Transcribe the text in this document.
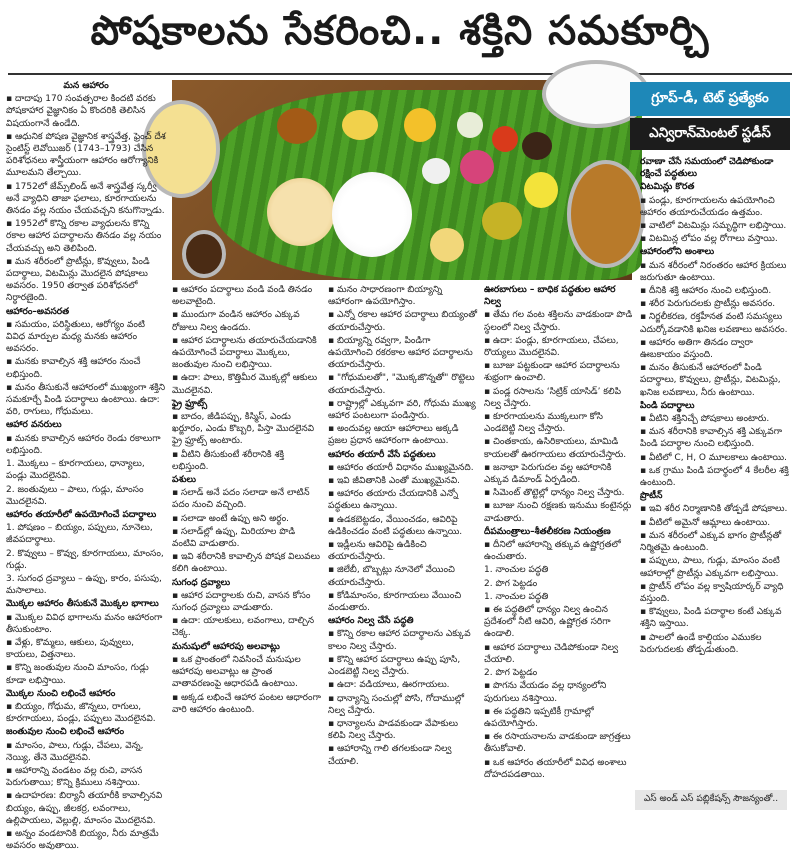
పోషకాలను సేకరించి.. శక్తిని సమకూర్చి
గ్రూప్‌-డీ, టెట్‌ ప్రత్యేకం
ఎన్విరాన్‌మెంటల్‌ స్టడీస్‌

మన ఆహారం

▪ దాదాపు 170 సంవత్సరాల కిందటి వరకు పోషకాహార వైజ్ఞానికం ఏ కొందరికి తెలిసిన విషయంగానే ఉండేది.

▪ ఆధునిక పోషణ వైజ్ఞానిక శాస్త్రవేత్త, ఫ్రెంచ్‌ దేశ సైంటిస్ట్‌ లెవోయిజర్‌ (1743–1793) చేసిన పరిశోధనలు శాస్త్రీయంగా ఆహారం ఆరోగ్యానికి మూలమని తేల్చాయి.

▪ 1752లో జేమ్స్‌లిండ్‌ అనే శాస్త్రవేత్త స్కర్వీ అనే వ్యాధిని తాజా ఫలాలు, కూరగాయలను తినడం వల్ల నయం చేయవచ్చని కనుగొన్నాడు.

▪ 1952లో కొన్ని రకాల వ్యాధులను కొన్ని రకాల ఆహార పదార్థాలను తినడం వల్ల నయం చేయవచ్చు అని తెలిపింది.

▪ మన శరీరంలో ప్రొటీన్లు, కొవ్వులు, పిండి పదార్థాలు, విటమిన్లు మొదలైన పోషకాలు అవసరం. 1950 తర్వాత పరిశోధనలో నిర్ధారణైంది.

ఆహారం–అవసరత

▪ సమయం, పరిస్థితులు, ఆరోగ్యం వంటి వివిధ మార్పుల మధ్య మనకు ఆహారం అవసరం.

▪ మనకు కావాల్సిన శక్తి ఆహారం నుంచే లభిస్తుంది.

▪ మనం తీసుకునే ఆహారంలో ముఖ్యంగా శక్తిని సమకూర్చే పిండి పదార్థాలు ఉంటాయి. ఉదా: వరి, రాగులు, గోధుమలు.

ఆహార వనరులు

▪ మనకు కావాల్సిన ఆహారం రెండు రకాలుగా లభిస్తుంది.

1. మొక్కలు – కూరగాయలు, ధాన్యాలు, పండ్లు మొదలైనవి.

2. జంతువులు – పాలు, గుడ్లు, మాంసం మొదలైనవి.

ఆహారం తయారీలో ఉపయోగించే పదార్థాలు

1. పోషణం – బియ్యం, పప్పులు, నూనెలు, జీవపదార్థాలు.

2. కొవ్వులు – కొవ్వు, కూరగాయలు, మాంసం, గుడ్లు.

3. సుగంధ ద్రవ్యాలు – ఉప్పు, కారం, పసుపు, మసాలాలు.

మొక్కల ఆహారం తీసుకునే మొక్కల భాగాలు

▪ మొక్కల వివిధ భాగాలను మనం ఆహారంగా తీసుకుంటాం.

▪ వేళ్లు, కొమ్మలు, ఆకులు, పువ్వులు, కాయలు, విత్తనాలు.

▪ కొన్ని జంతువుల నుంచి మాంసం, గుడ్లు కూడా లభిస్తాయి.

మొక్కల నుంచి లభించే ఆహారం

▪ బియ్యం, గోధుమ, జొన్నలు, రాగులు, కూరగాయలు, పండ్లు, పప్పులు మొదలైనవి.

జంతువుల నుంచి లభించే ఆహారం

▪ మాంసం, పాలు, గుడ్లు, చేపలు, వెన్న, నెయ్యి, తేనె మొదలైనవి.

▪ ఆహారాన్ని వండటం వల్ల రుచి, వాసన పెరుగుతాయి; కొన్ని క్రిములు నశిస్తాయి.

▪ ఉదాహరణ: బిర్యానీ తయారీకి కావాల్సినవి బియ్యం, ఉప్పు, జీలకర్ర, లవంగాలు, ఉల్లిపాయలు, వెల్లుల్లి, మాంసం మొదలైనవి.

▪ అన్నం వండటానికి బియ్యం, నీరు మాత్రమే అవసరం అవుతాయి.

▪ ఆహారం పదార్థాలు వండి వండి తినడం అలవాటైంది.

▪ ముందుగా వండిన ఆహారం ఎక్కువ రోజులు నిల్వ ఉండదు.

▪ ఆహార పదార్థాలను తయారుచేయడానికి ఉపయోగించే పదార్థాలు మొక్కలు, జంతువుల నుంచి లభిస్తాయి.

▪ ఉదా: పాలు, కొత్తిమీర మొక్కల్లో ఆకులు మొదలైనవి.

ఫ్రై ఫ్రూట్స్‌

▪ బాదం, జీడిపప్పు, కిస్మిస్‌, ఎండు ఖర్జూరం, ఎండు కొబ్బరి, పిస్తా మొదలైనవి ఫ్రై ఫ్రూట్స్‌ అంటారు.

▪ వీటిని తీసుకుంటే శరీరానికి శక్తి లభిస్తుంది.

పశులు

▪ సలాడ్‌ అనే పదం సలాడా అనే లాటిన్‌ పదం నుంచి వచ్చింది.

▪ సలాడా అంటే ఉప్పు అని అర్థం.

▪ సలాడ్‌ల్లో ఉప్పు, మిరియాల పొడి వంటివి వాడుతారు.

▪ ఇవి శరీరానికి కావాల్సిన పోషక విలువలు కలిగి ఉంటాయి.

సుగంధ ద్రవ్యాలు

▪ ఆహార పదార్థాలకు రుచి, వాసన కోసం సుగంధ ద్రవ్యాలు వాడుతారు.

▪ ఉదా: యాలకులు, లవంగాలు, దాల్చిన చెక్క.

మనుషులో ఆహారపు అలవాట్లు

▪ ఒక ప్రాంతంలో నివసించే మనుషుల ఆహారపు అలవాట్లు ఆ ప్రాంత వాతావరణంపై ఆధారపడి ఉంటాయి.

▪ అక్కడ లభించే ఆహార పంటల ఆధారంగా వారి ఆహారం ఉంటుంది.

▪ మనం సాధారణంగా బియ్యాన్ని ఆహారంగా ఉపయోగిస్తాం.

▪ ఎన్నో రకాల ఆహార పదార్థాలు బియ్యంతో తయారుచేస్తారు.

▪ బియ్యాన్ని రవ్వగా, పిండిగా ఉపయోగించి రకరకాల ఆహార పదార్థాలను తయారుచేస్తారు.

▪ "గోధుమలతో", "మొక్కజొన్నతో" రొట్టెలు తయారుచేస్తారు.

▪ రాష్ట్రాల్లో ఎక్కువగా వరి, గోధుమ ముఖ్య ఆహార పంటలుగా పండిస్తారు.

▪ అందువల్ల ఆయా ఆహారాలు అక్కడి ప్రజల ప్రధాన ఆహారంగా ఉంటాయి.

ఆహారం తయారీ వేసే పద్ధతులు

▪ ఆహారం తయారీ విధానం ముఖ్యమైనది.

▪ ఇవి జీవితానికి ఎంతో ముఖ్యమైనవి.

▪ ఆహారం తయారు చేయడానికి ఎన్నో పద్ధతులు ఉన్నాయి.

▪ ఉడకబెట్టడం, వేయించడం, ఆవిరిపై ఉడికించడం వంటి పద్ధతులు ఉన్నాయి.

▪ ఇడ్లీలను ఆవిరిపై ఉడికించి తయారుచేస్తారు.

▪ జిలేబీ, బొబ్బట్లు నూనెలో వేయించి తయారుచేస్తారు.

▪ కోడిమాంసం, కూరగాయలు వేయించి వండుతారు.

ఆహారం నిల్వ చేసే పద్ధతి

▪ కొన్ని రకాల ఆహార పదార్థాలను ఎక్కువ కాలం నిల్వ చేస్తారు.

▪ కొన్ని ఆహార పదార్థాలు ఉప్పు పూసి, ఎండబెట్టి నిల్వ చేస్తారు.

▪ ఉదా: వడియాలు, ఊరగాయలు.

▪ ధాన్యాన్ని సంచుల్లో పోసి, గోదాముల్లో నిల్వ చేస్తారు.

▪ ధాన్యాలను పాడవకుండా వేపాకులు కలిపి నిల్వ చేస్తారు.

▪ ఆహారాన్ని గాలి తగలకుండా నిల్వ చేయాలి.

ఊరబాగులు – బాధిక పద్ధతుల ఆహార నిల్వ

▪ తేమ గల వంట శక్తిలను వాడకుండా పొడి స్థలంలో నిల్వ చేస్తారు.

▪ ఉదా: పండ్లు, కూరగాయలు, చేపలు, రొయ్యలు మొదలైనవి.

▪ బూజు పట్టకుండా ఆహార పదార్థాలను శుభ్రంగా ఉంచాలి.

▪ పండ్ల రసాలను ‘సిట్రిక్‌ యాసిడ్‌’ కలిపి నిల్వ చేస్తారు.

▪ కూరగాయలను ముక్కలుగా కోసి ఎండబెట్టి నిల్వ చేస్తారు.

▪ చింతకాయ, ఉసిరికాయలు, మామిడి కాయలతో ఊరగాయలు తయారుచేస్తారు.

▪ జనాభా పెరుగుదల వల్ల ఆహారానికి ఎక్కువ డిమాండ్‌ ఏర్పడింది.

▪ సిమెంట్‌ తొట్టెల్లో ధాన్యం నిల్వ చేస్తారు.

▪ బూజు నుంచి రక్షణకు ఇనుము కంటైనర్లు వాడుతారు.

దీపమంత్రాలు–శీతలీకరణ నియంత్రణ

▪ దీనిలో ఆహారాన్ని తక్కువ ఉష్ణోగ్రతలో ఉంచుతారు.

1. నాంచుల పద్ధతి

2. పొగ పెట్టడం

1. నాంచుల పద్ధతి

▪ ఈ పద్ధతిలో ధాన్యం నిల్వ ఉంచిన ప్రదేశంలో నీటి ఆవిరి, ఉష్ణోగ్రత సరిగా ఉండాలి.

▪ ఆహార పదార్థాలు చెడిపోకుండా నిల్వ చేయాలి.

2. పొగ పెట్టడం

▪ పొగను వేయడం వల్ల ధాన్యంలోని పురుగులు నశిస్తాయి.

▪ ఈ పద్ధతిని ఇప్పటికీ గ్రామాల్లో ఉపయోగిస్తారు.

▪ ఈ రసాయనాలను వాడకుండా జాగ్రత్తలు తీసుకోవాలి.

▪ ఒక ఆహారం తయారీలో వివిధ అంశాలు దోహదపడతాయి.

రవాణా చేసే సమయంలో చెడిపోకుండా రక్షించే పద్ధతులు

విటమిన్లు కొరత

▪ పండ్లు, కూరగాయలను ఉపయోగించి ఆహారం తయారుచేయడం ఉత్తమం.

▪ వాటిలో విటమిన్లు సమృద్ధిగా లభిస్తాయి.

▪ విటమిన్ల లోపం వల్ల రోగాలు వస్తాయి.

ఆహారంలోని అంశాలు

▪ మన శరీరంలో నిరంతరం ఆహార క్రియలు జరుగుతూ ఉంటాయి.

▪ దీనికి శక్తి ఆహారం నుంచి లభిస్తుంది.

▪ శరీర పెరుగుదలకు ప్రొటీన్లు అవసరం.

▪ నిర్జలీకరణ, రక్తహీనత వంటి సమస్యలు ఎదుర్కోవడానికి ఖనిజ లవణాలు అవసరం.

▪ ఆహారం అతిగా తినడం ద్వారా ఊబకాయం వస్తుంది.

▪ మనం తీసుకునే ఆహారంలో పిండి పదార్థాలు, కొవ్వులు, ప్రొటీన్లు, విటమిన్లు, ఖనిజ లవణాలు, నీరు ఉంటాయి.

పిండి పదార్థాలు

▪ వీటిని శక్తినిచ్చే పోషకాలు అంటారు.

▪ మన శరీరానికి కావాల్సిన శక్తి ఎక్కువగా పిండి పదార్థాల నుంచి లభిస్తుంది.

▪ వీటిలో C, H, O మూలకాలు ఉంటాయి.

▪ ఒక గ్రాము పిండి పదార్థంలో 4 కేలరీల శక్తి ఉంటుంది.

ప్రొటీన్‌

▪ ఇవి శరీర నిర్మాణానికి తోడ్పడే పోషకాలు.

▪ వీటిలో అమైనో ఆమ్లాలు ఉంటాయి.

▪ మన శరీరంలో ఎక్కువ భాగం ప్రొటీన్లతో నిర్మితమై ఉంటుంది.

▪ పప్పులు, పాలు, గుడ్లు, మాంసం వంటి ఆహారాల్లో ప్రొటీన్లు ఎక్కువగా లభిస్తాయి.

▪ ప్రొటీన్‌ లోపం వల్ల క్వాషియార్కర్‌ వ్యాధి వస్తుంది.

▪ కొవ్వులు, పిండి పదార్థాల కంటే ఎక్కువ శక్తిని ఇస్తాయి.

▪ పాలలో ఉండే కాల్షియం ఎముకల పెరుగుదలకు తోడ్పడుతుంది.

ఎస్‌ అండ్‌ ఎస్‌ పబ్లికేషన్స్‌ సౌజన్యంతో..
